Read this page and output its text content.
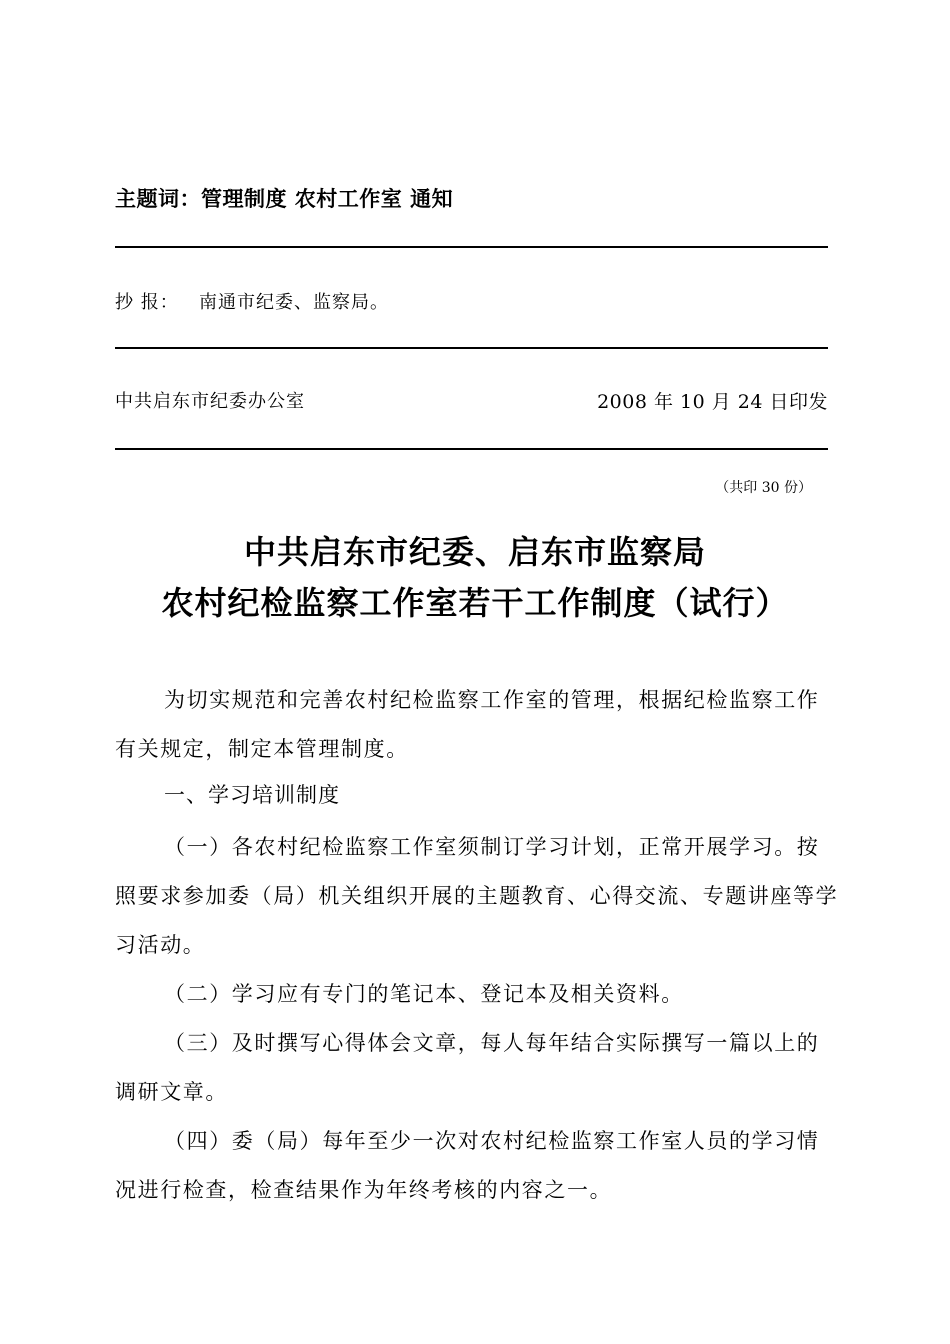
主题词：管理制度 农村工作室 通知
抄 报： 南通市纪委、监察局。
中共启东市纪委办公室	2008 年 10 月 24 日印发
（共印 30 份）
中共启东市纪委、启东市监察局
农村纪检监察工作室若干工作制度（试行）

为切实规范和完善农村纪检监察工作室的管理，根据纪检监察工作有关规定，制定本管理制度。

一、学习培训制度

（一）各农村纪检监察工作室须制订学习计划，正常开展学习。按照要求参加委（局）机关组织开展的主题教育、心得交流、专题讲座等学习活动。

（二）学习应有专门的笔记本、登记本及相关资料。

（三）及时撰写心得体会文章，每人每年结合实际撰写一篇以上的调研文章。

（四）委（局）每年至少一次对农村纪检监察工作室人员的学习情况进行检查，检查结果作为年终考核的内容之一。
